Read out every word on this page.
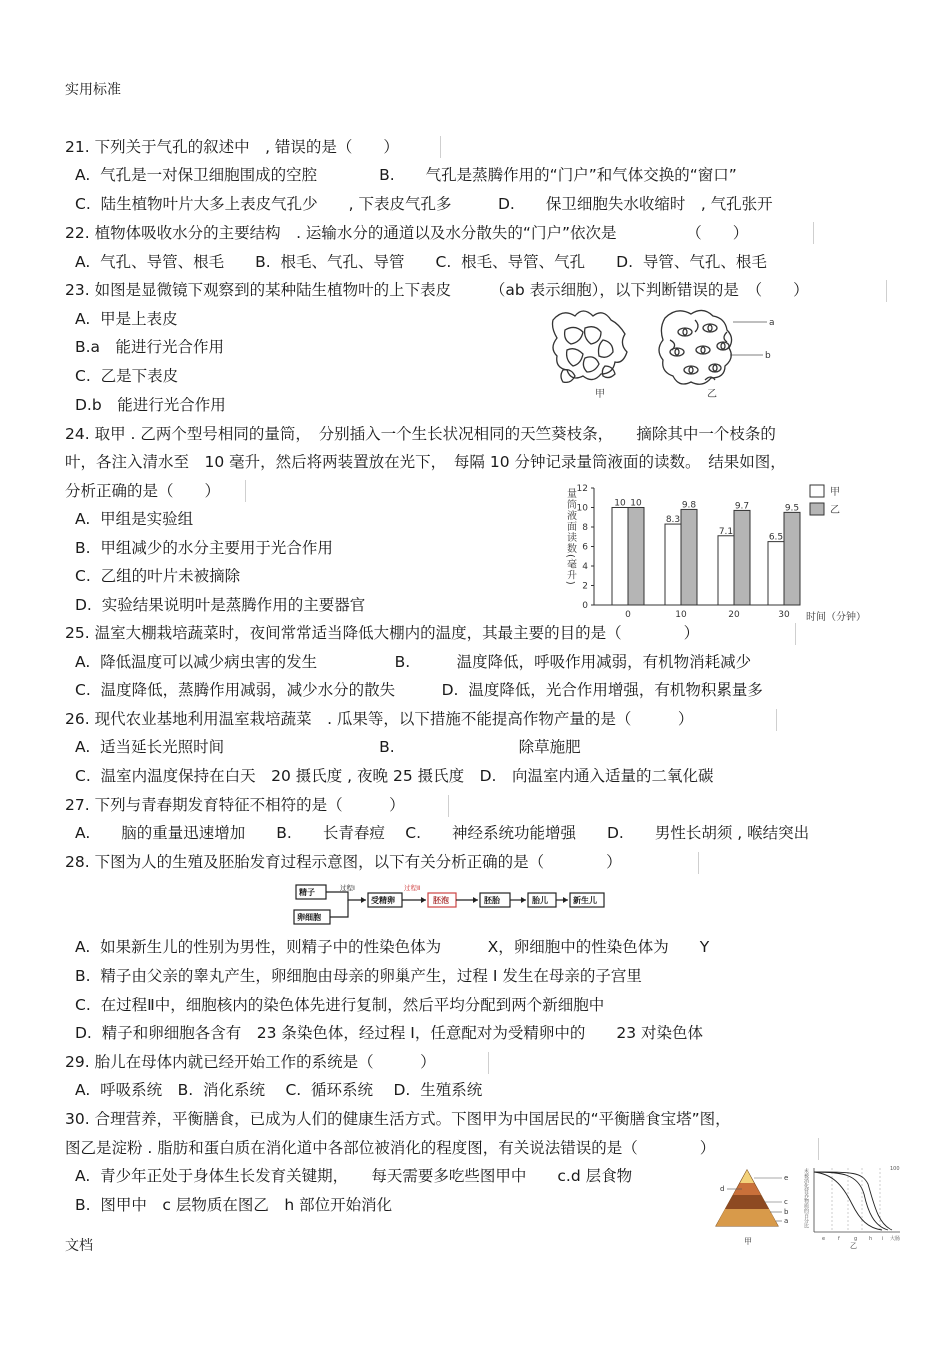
实用标准
21. 下列关于气孔的叙述中　, 错误的是（　　）
A.  气孔是一对保卫细胞围成的空腔　　　　B.　　气孔是蒸腾作用的“门户”和气体交换的“窗口”
C.  陆生植物叶片大多上表皮气孔少　　, 下表皮气孔多　　　D.　　保卫细胞失水收缩时　, 气孔张开
22. 植物体吸收水分的主要结构　. 运输水分的通道以及水分散失的“门户”依次是　　　　　（　　）
A.  气孔、导管、根毛　　B.  根毛、气孔、导管　　C.  根毛、导管、气孔　　D.  导管、气孔、根毛
23. 如图是显微镜下观察到的某种陆生植物叶的上下表皮　　　（ab 表示细胞），以下判断错误的是　（　　）
A.  甲是上表皮
B.a　能进行光合作用
C.  乙是下表皮
D.b　能进行光合作用
24. 取甲 . 乙两个型号相同的量筒，　分别插入一个生长状况相同的天竺葵枝条，　　摘除其中一个枝条的
叶，各注入清水至　10 毫升，然后将两装置放在光下，　每隔 10 分钟记录量筒液面的读数。　结果如图，
分析正确的是（　　）
A.  甲组是实验组
B.  甲组减少的水分主要用于光合作用
C.  乙组的叶片未被摘除
D.  实验结果说明叶是蒸腾作用的主要器官
25. 温室大棚栽培蔬菜时，夜间常常适当降低大棚内的温度，其最主要的目的是（　　　　）
A.  降低温度可以减少病虫害的发生　　　　　B.　　　温度降低，呼吸作用减弱，有机物消耗减少
C.  温度降低，蒸腾作用减弱，减少水分的散失　　　D.  温度降低，光合作用增强，有机物积累量多
26. 现代农业基地利用温室栽培蔬菜　. 瓜果等，以下措施不能提高作物产量的是（　　　）
A.  适当延长光照时间　　　　　　　　　　B.　　　　　　　　除草施肥
C.  温室内温度保持在白天　20 摄氏度 , 夜晚 25 摄氏度　D.　向温室内通入适量的二氧化碳
27. 下列与青春期发育特征不相符的是（　　　）
A.　　脑的重量迅速增加　　B.　　长青春痘　 C.　　神经系统功能增强　　D.　　男性长胡须 , 喉结突出
28. 下图为人的生殖及胚胎发育过程示意图，以下有关分析正确的是（　　　　）
A.  如果新生儿的性别为男性，则精子中的性染色体为　　　X，卵细胞中的性染色体为　　Y
B.  精子由父亲的睾丸产生，卵细胞由母亲的卵巢产生，过程 I 发生在母亲的子宫里
C.  在过程Ⅱ中，细胞核内的染色体先进行复制，然后平均分配到两个新细胞中
D.  精子和卵细胞各含有　23 条染色体，经过程 I，任意配对为受精卵中的　　23 对染色体
29. 胎儿在母体内就已经开始工作的系统是（　　　）
A.  呼吸系统　B.  消化系统　 C.  循环系统　 D.  生殖系统
30. 合理营养，平衡膳食，已成为人们的健康生活方式。下图甲为中国居民的“平衡膳食宝塔”图，
图乙是淀粉 . 脂肪和蛋白质在消化道中各部位被消化的程度图，有关说法错误的是（　　　　）
A.  青少年正处于身体生长发育关键期，　　每天需要多吃些图甲中　　c.d 层食物
B.  图甲中　c 层物质在图乙　h 部位开始消化
甲
a
b
乙
量筒液面读数(毫升)
0
2
4
6
8
10
12
10 10
8.3
9.8
7.1
9.7
6.5
9.5
0	10	20	30 时间（分钟）
甲
乙
精子
卵细胞
受精卵	胚泡	胚胎	胎儿	新生儿
过程Ⅰ	过程Ⅱ
e
d
c
b
a
甲
未被消化营养物质的百分比	100
e	f	g h i 大肠
乙
文档
